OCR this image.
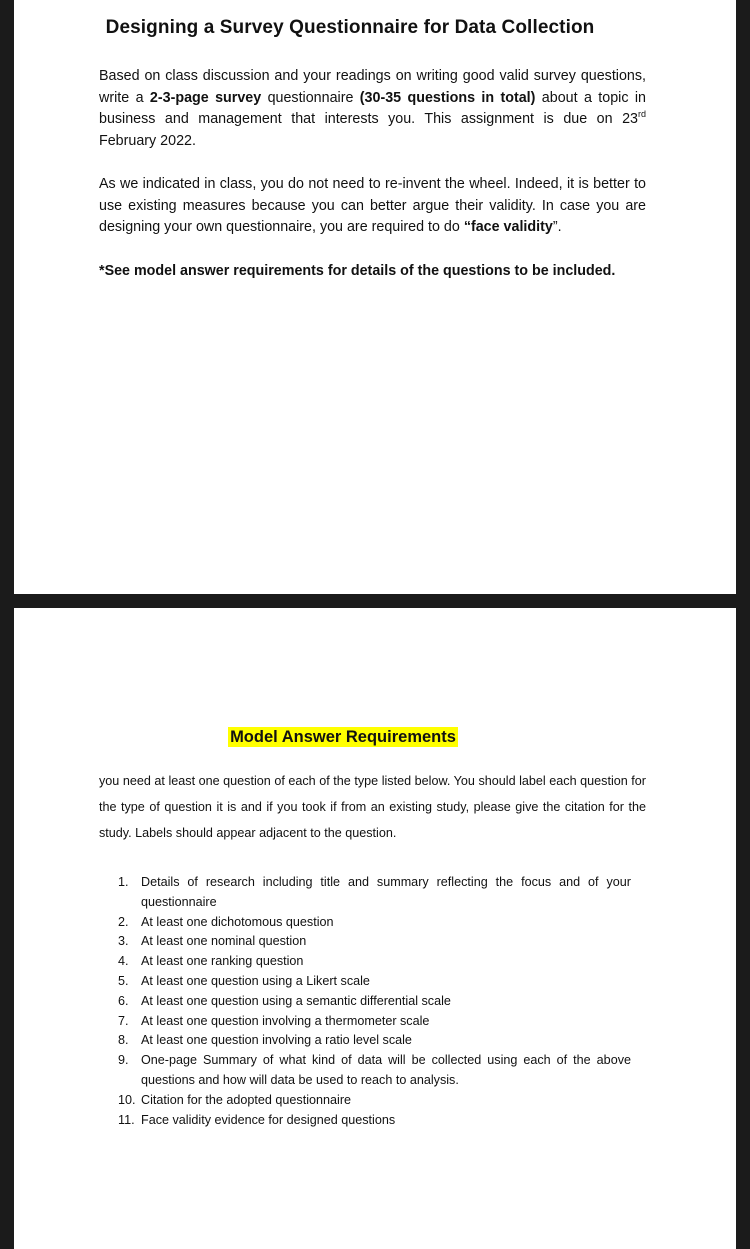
Designing a Survey Questionnaire for Data Collection

Based on class discussion and your readings on writing good valid survey questions, write a 2-3-page survey questionnaire (30-35 questions in total) about a topic in business and management that interests you. This assignment is due on 23rd February 2022.

As we indicated in class, you do not need to re-invent the wheel. Indeed, it is better to use existing measures because you can better argue their validity. In case you are designing your own questionnaire, you are required to do “face validity”.

*See model answer requirements for details of the questions to be included.

Model Answer Requirements

you need at least one question of each of the type listed below. You should label each question for the type of question it is and if you took if from an existing study, please give the citation for the study. Labels should appear adjacent to the question.

1. Details of research including title and summary reflecting the focus and of your questionnaire
2. At least one dichotomous question
3. At least one nominal question
4. At least one ranking question
5. At least one question using a Likert scale
6. At least one question using a semantic differential scale
7. At least one question involving a thermometer scale
8. At least one question involving a ratio level scale
9. One-page Summary of what kind of data will be collected using each of the above questions and how will data be used to reach to analysis.
10. Citation for the adopted questionnaire
11. Face validity evidence for designed questions
